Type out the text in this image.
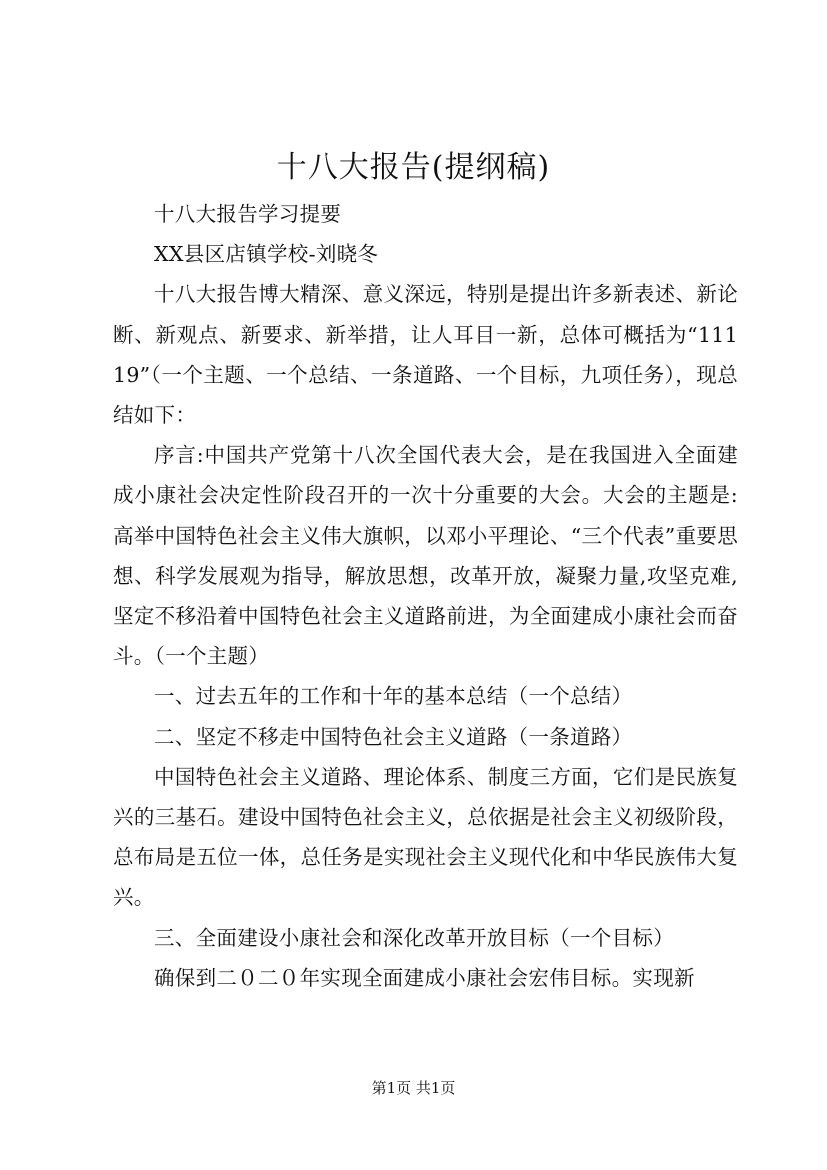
十八大报告(提纲稿)

十八大报告学习提要

XX县区店镇学校-刘晓冬

十八大报告博大精深、意义深远，特别是提出许多新表述、新论断、新观点、新要求、新举措，让人耳目一新，总体可概括为“11119”（一个主题、一个总结、一条道路、一个目标，九项任务），现总结如下：

序言:中国共产党第十八次全国代表大会，是在我国进入全面建成小康社会决定性阶段召开的一次十分重要的大会。大会的主题是:高举中国特色社会主义伟大旗帜，以邓小平理论、“三个代表”重要思想、科学发展观为指导，解放思想，改革开放，凝聚力量,攻坚克难,坚定不移沿着中国特色社会主义道路前进，为全面建成小康社会而奋斗。（一个主题）

一、过去五年的工作和十年的基本总结（一个总结）

二、坚定不移走中国特色社会主义道路（一条道路）

中国特色社会主义道路、理论体系、制度三方面，它们是民族复兴的三基石。建设中国特色社会主义，总依据是社会主义初级阶段，总布局是五位一体，总任务是实现社会主义现代化和中华民族伟大复兴。

三、全面建设小康社会和深化改革开放目标（一个目标）

确保到二０二０年实现全面建成小康社会宏伟目标。实现新

第1页 共1页
